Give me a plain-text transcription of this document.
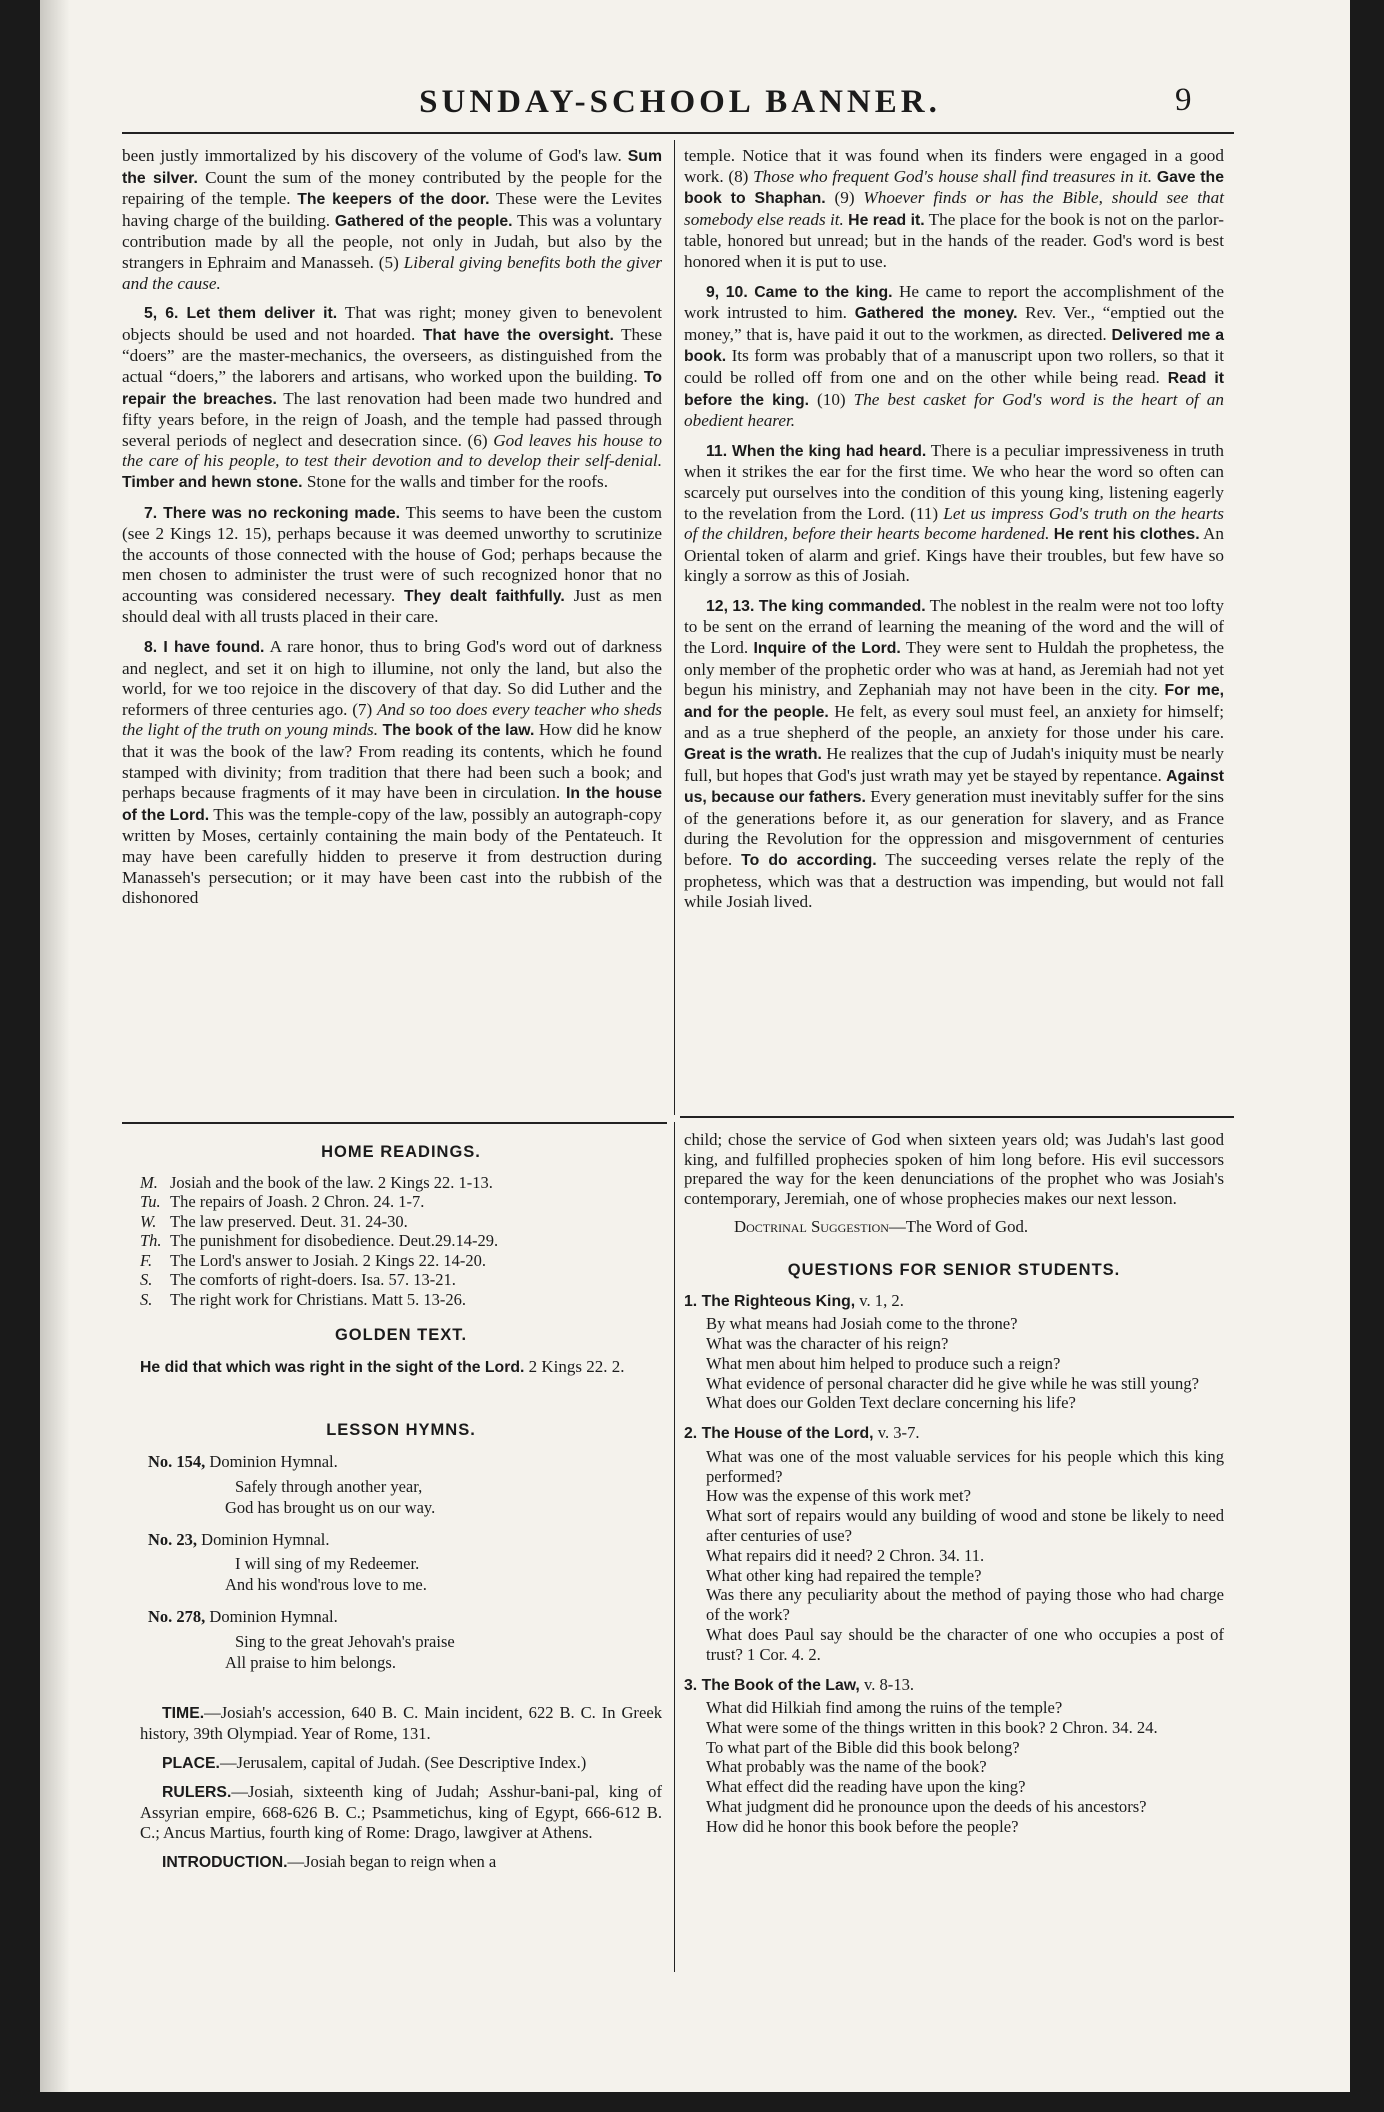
SUNDAY-SCHOOL BANNER.	9

been justly immortalized by his discovery of the volume of God's law. Sum the silver. Count the sum of the money contributed by the people for the repairing of the temple. The keepers of the door. These were the Levites having charge of the building. Gathered of the people. This was a voluntary contribution made by all the people, not only in Judah, but also by the strangers in Ephraim and Manasseh. (5) Liberal giving benefits both the giver and the cause.

5, 6. Let them deliver it. That was right; money given to benevolent objects should be used and not hoarded. That have the oversight. These “doers” are the master-mechanics, the overseers, as distinguished from the actual “doers,” the laborers and artisans, who worked upon the building. To repair the breaches. The last renovation had been made two hundred and fifty years before, in the reign of Joash, and the temple had passed through several periods of neglect and desecration since. (6) God leaves his house to the care of his people, to test their devotion and to develop their self-denial. Timber and hewn stone. Stone for the walls and timber for the roofs.

7. There was no reckoning made. This seems to have been the custom (see 2 Kings 12. 15), perhaps because it was deemed unworthy to scrutinize the accounts of those connected with the house of God; perhaps because the men chosen to administer the trust were of such recognized honor that no accounting was considered necessary. They dealt faithfully. Just as men should deal with all trusts placed in their care.

8. I have found. A rare honor, thus to bring God's word out of darkness and neglect, and set it on high to illumine, not only the land, but also the world, for we too rejoice in the discovery of that day. So did Luther and the reformers of three centuries ago. (7) And so too does every teacher who sheds the light of the truth on young minds. The book of the law. How did he know that it was the book of the law? From reading its contents, which he found stamped with divinity; from tradition that there had been such a book; and perhaps because fragments of it may have been in circulation. In the house of the Lord. This was the temple-copy of the law, possibly an autograph-copy written by Moses, certainly containing the main body of the Pentateuch. It may have been carefully hidden to preserve it from destruction during Manasseh's persecution; or it may have been cast into the rubbish of the dishonored

temple. Notice that it was found when its finders were engaged in a good work. (8) Those who frequent God's house shall find treasures in it. Gave the book to Shaphan. (9) Whoever finds or has the Bible, should see that somebody else reads it. He read it. The place for the book is not on the parlor-table, honored but unread; but in the hands of the reader. God's word is best honored when it is put to use.

9, 10. Came to the king. He came to report the accomplishment of the work intrusted to him. Gathered the money. Rev. Ver., “emptied out the money,” that is, have paid it out to the workmen, as directed. Delivered me a book. Its form was probably that of a manuscript upon two rollers, so that it could be rolled off from one and on the other while being read. Read it before the king. (10) The best casket for God's word is the heart of an obedient hearer.

11. When the king had heard. There is a peculiar impressiveness in truth when it strikes the ear for the first time. We who hear the word so often can scarcely put ourselves into the condition of this young king, listening eagerly to the revelation from the Lord. (11) Let us impress God's truth on the hearts of the children, before their hearts become hardened. He rent his clothes. An Oriental token of alarm and grief. Kings have their troubles, but few have so kingly a sorrow as this of Josiah.

12, 13. The king commanded. The noblest in the realm were not too lofty to be sent on the errand of learning the meaning of the word and the will of the Lord. Inquire of the Lord. They were sent to Huldah the prophetess, the only member of the prophetic order who was at hand, as Jeremiah had not yet begun his ministry, and Zephaniah may not have been in the city. For me, and for the people. He felt, as every soul must feel, an anxiety for himself; and as a true shepherd of the people, an anxiety for those under his care. Great is the wrath. He realizes that the cup of Judah's iniquity must be nearly full, but hopes that God's just wrath may yet be stayed by repentance. Against us, because our fathers. Every generation must inevitably suffer for the sins of the generations before it, as our generation for slavery, and as France during the Revolution for the oppression and misgovernment of centuries before. To do according. The succeeding verses relate the reply of the prophetess, which was that a destruction was impending, but would not fall while Josiah lived.

HOME READINGS.
M. Josiah and the book of the law. 2 Kings 22. 1-13.
Tu. The repairs of Joash. 2 Chron. 24. 1-7.
W. The law preserved. Deut. 31. 24-30.
Th. The punishment for disobedience. Deut.29.14-29.
F.	The Lord's answer to Josiah. 2 Kings 22. 14-20.
S.	The comforts of right-doers. Isa. 57. 13-21.
S.	The right work for Christians. Matt 5. 13-26.
GOLDEN TEXT.

He did that which was right in the sight of the Lord. 2 Kings 22. 2.

LESSON HYMNS.
No. 154, Dominion Hymnal.
Safely through another year,
God has brought us on our way.
No. 23, Dominion Hymnal.
I will sing of my Redeemer.
And his wond'rous love to me.
No. 278, Dominion Hymnal.
Sing to the great Jehovah's praise
All praise to him belongs.

TIME.—Josiah's accession, 640 B. C. Main incident, 622 B. C. In Greek history, 39th Olympiad. Year of Rome, 131.

PLACE.—Jerusalem, capital of Judah. (See Descriptive Index.)

RULERS.—Josiah, sixteenth king of Judah; Asshur-bani-pal, king of Assyrian empire, 668-626 B. C.; Psammetichus, king of Egypt, 666-612 B. C.; Ancus Martius, fourth king of Rome: Drago, lawgiver at Athens.

INTRODUCTION.—Josiah began to reign when a

child; chose the service of God when sixteen years old; was Judah's last good king, and fulfilled prophecies spoken of him long before. His evil successors prepared the way for the keen denunciations of the prophet who was Josiah's contemporary, Jeremiah, one of whose prophecies makes our next lesson.

Doctrinal Suggestion—The Word of God.

QUESTIONS FOR SENIOR STUDENTS.
1. The Righteous King, v. 1, 2.
By what means had Josiah come to the throne?
What was the character of his reign?
What men about him helped to produce such a reign?
What evidence of personal character did he give while he was still young?
What does our Golden Text declare concerning his life?
2. The House of the Lord, v. 3-7.
What was one of the most valuable services for his people which this king performed?
How was the expense of this work met?
What sort of repairs would any building of wood and stone be likely to need after centuries of use?
What repairs did it need? 2 Chron. 34. 11.
What other king had repaired the temple?
Was there any peculiarity about the method of paying those who had charge of the work?
What does Paul say should be the character of one who occupies a post of trust? 1 Cor. 4. 2.
3. The Book of the Law, v. 8-13.
What did Hilkiah find among the ruins of the temple?
What were some of the things written in this book? 2 Chron. 34. 24.
To what part of the Bible did this book belong?
What probably was the name of the book?
What effect did the reading have upon the king?
What judgment did he pronounce upon the deeds of his ancestors?
How did he honor this book before the people?
